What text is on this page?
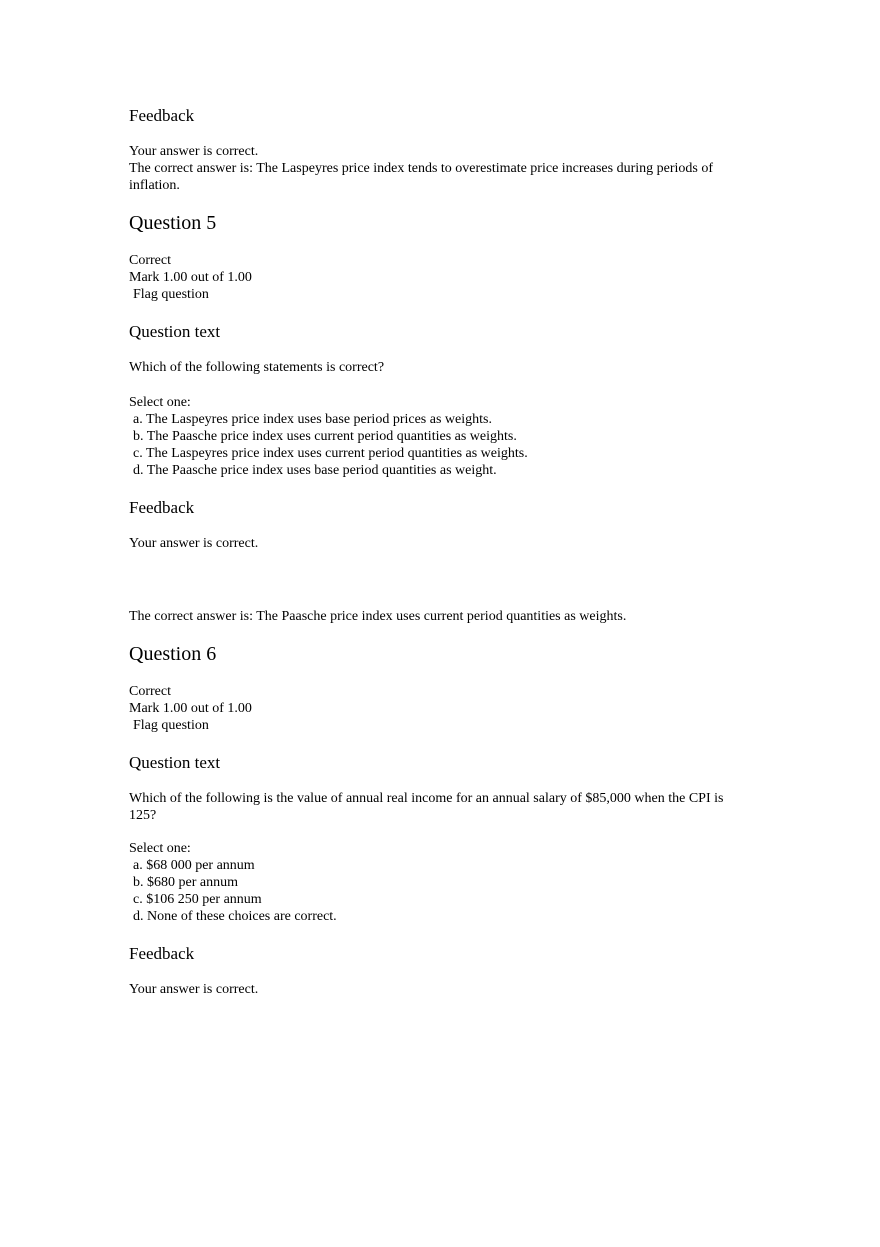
Feedback

Your answer is correct.

The correct answer is: The Laspeyres price index tends to overestimate price increases during periods of inflation.

Question 5

Correct

Mark 1.00 out of 1.00

Flag question

Question text

Which of the following statements is correct?

Select one:

a. The Laspeyres price index uses base period prices as weights.

b. The Paasche price index uses current period quantities as weights.

c. The Laspeyres price index uses current period quantities as weights.

d. The Paasche price index uses base period quantities as weight.

Feedback

Your answer is correct.

The correct answer is: The Paasche price index uses current period quantities as weights.

Question 6

Correct

Mark 1.00 out of 1.00

Flag question

Question text

Which of the following is the value of annual real income for an annual salary of $85,000 when the CPI is 125?

Select one:

a. $68 000 per annum

b. $680 per annum

c. $106 250 per annum

d. None of these choices are correct.

Feedback

Your answer is correct.
